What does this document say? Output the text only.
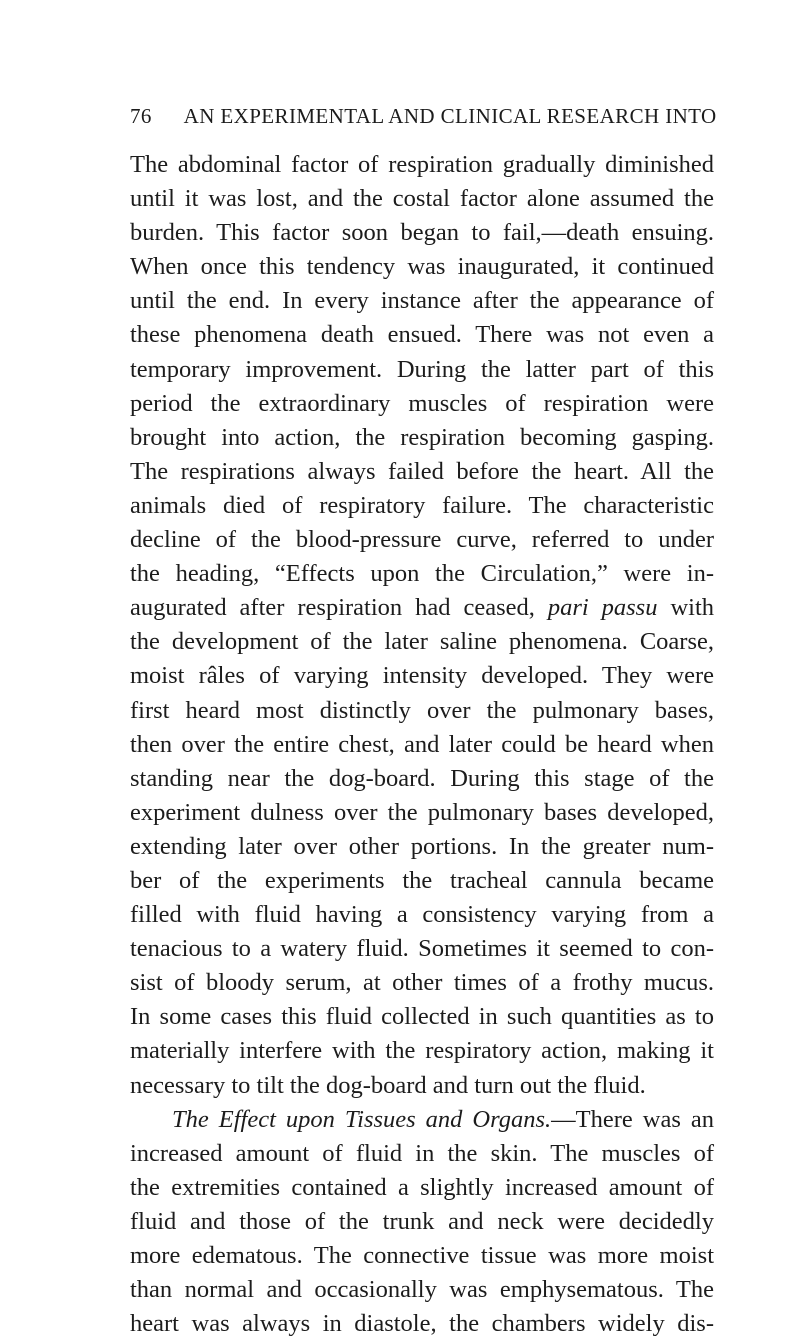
76 AN EXPERIMENTAL AND CLINICAL RESEARCH INTO
The abdominal factor of respiration gradually diminished
until it was lost, and the costal factor alone assumed the
burden. This factor soon began to fail,—death ensuing.
When once this tendency was inaugurated, it continued
until the end. In every instance after the appearance of
these phenomena death ensued. There was not even a
temporary improvement. During the latter part of this
period the extraordinary muscles of respiration were
brought into action, the respiration becoming gasping.
The respirations always failed before the heart. All the
animals died of respiratory failure. The characteristic
decline of the blood-pressure curve, referred to under
the heading, “Effects upon the Circulation,” were in-
augurated after respiration had ceased, pari passu with
the development of the later saline phenomena. Coarse,
moist râles of varying intensity developed. They were
first heard most distinctly over the pulmonary bases,
then over the entire chest, and later could be heard when
standing near the dog-board. During this stage of the
experiment dulness over the pulmonary bases developed,
extending later over other portions. In the greater num-
ber of the experiments the tracheal cannula became
filled with fluid having a consistency varying from a
tenacious to a watery fluid. Sometimes it seemed to con-
sist of bloody serum, at other times of a frothy mucus.
In some cases this fluid collected in such quantities as to
materially interfere with the respiratory action, making it
necessary to tilt the dog-board and turn out the fluid.
The Effect upon Tissues and Organs.—There was an
increased amount of fluid in the skin. The muscles of
the extremities contained a slightly increased amount of
fluid and those of the trunk and neck were decidedly
more edematous. The connective tissue was more moist
than normal and occasionally was emphysematous. The
heart was always in diastole, the chambers widely dis-
